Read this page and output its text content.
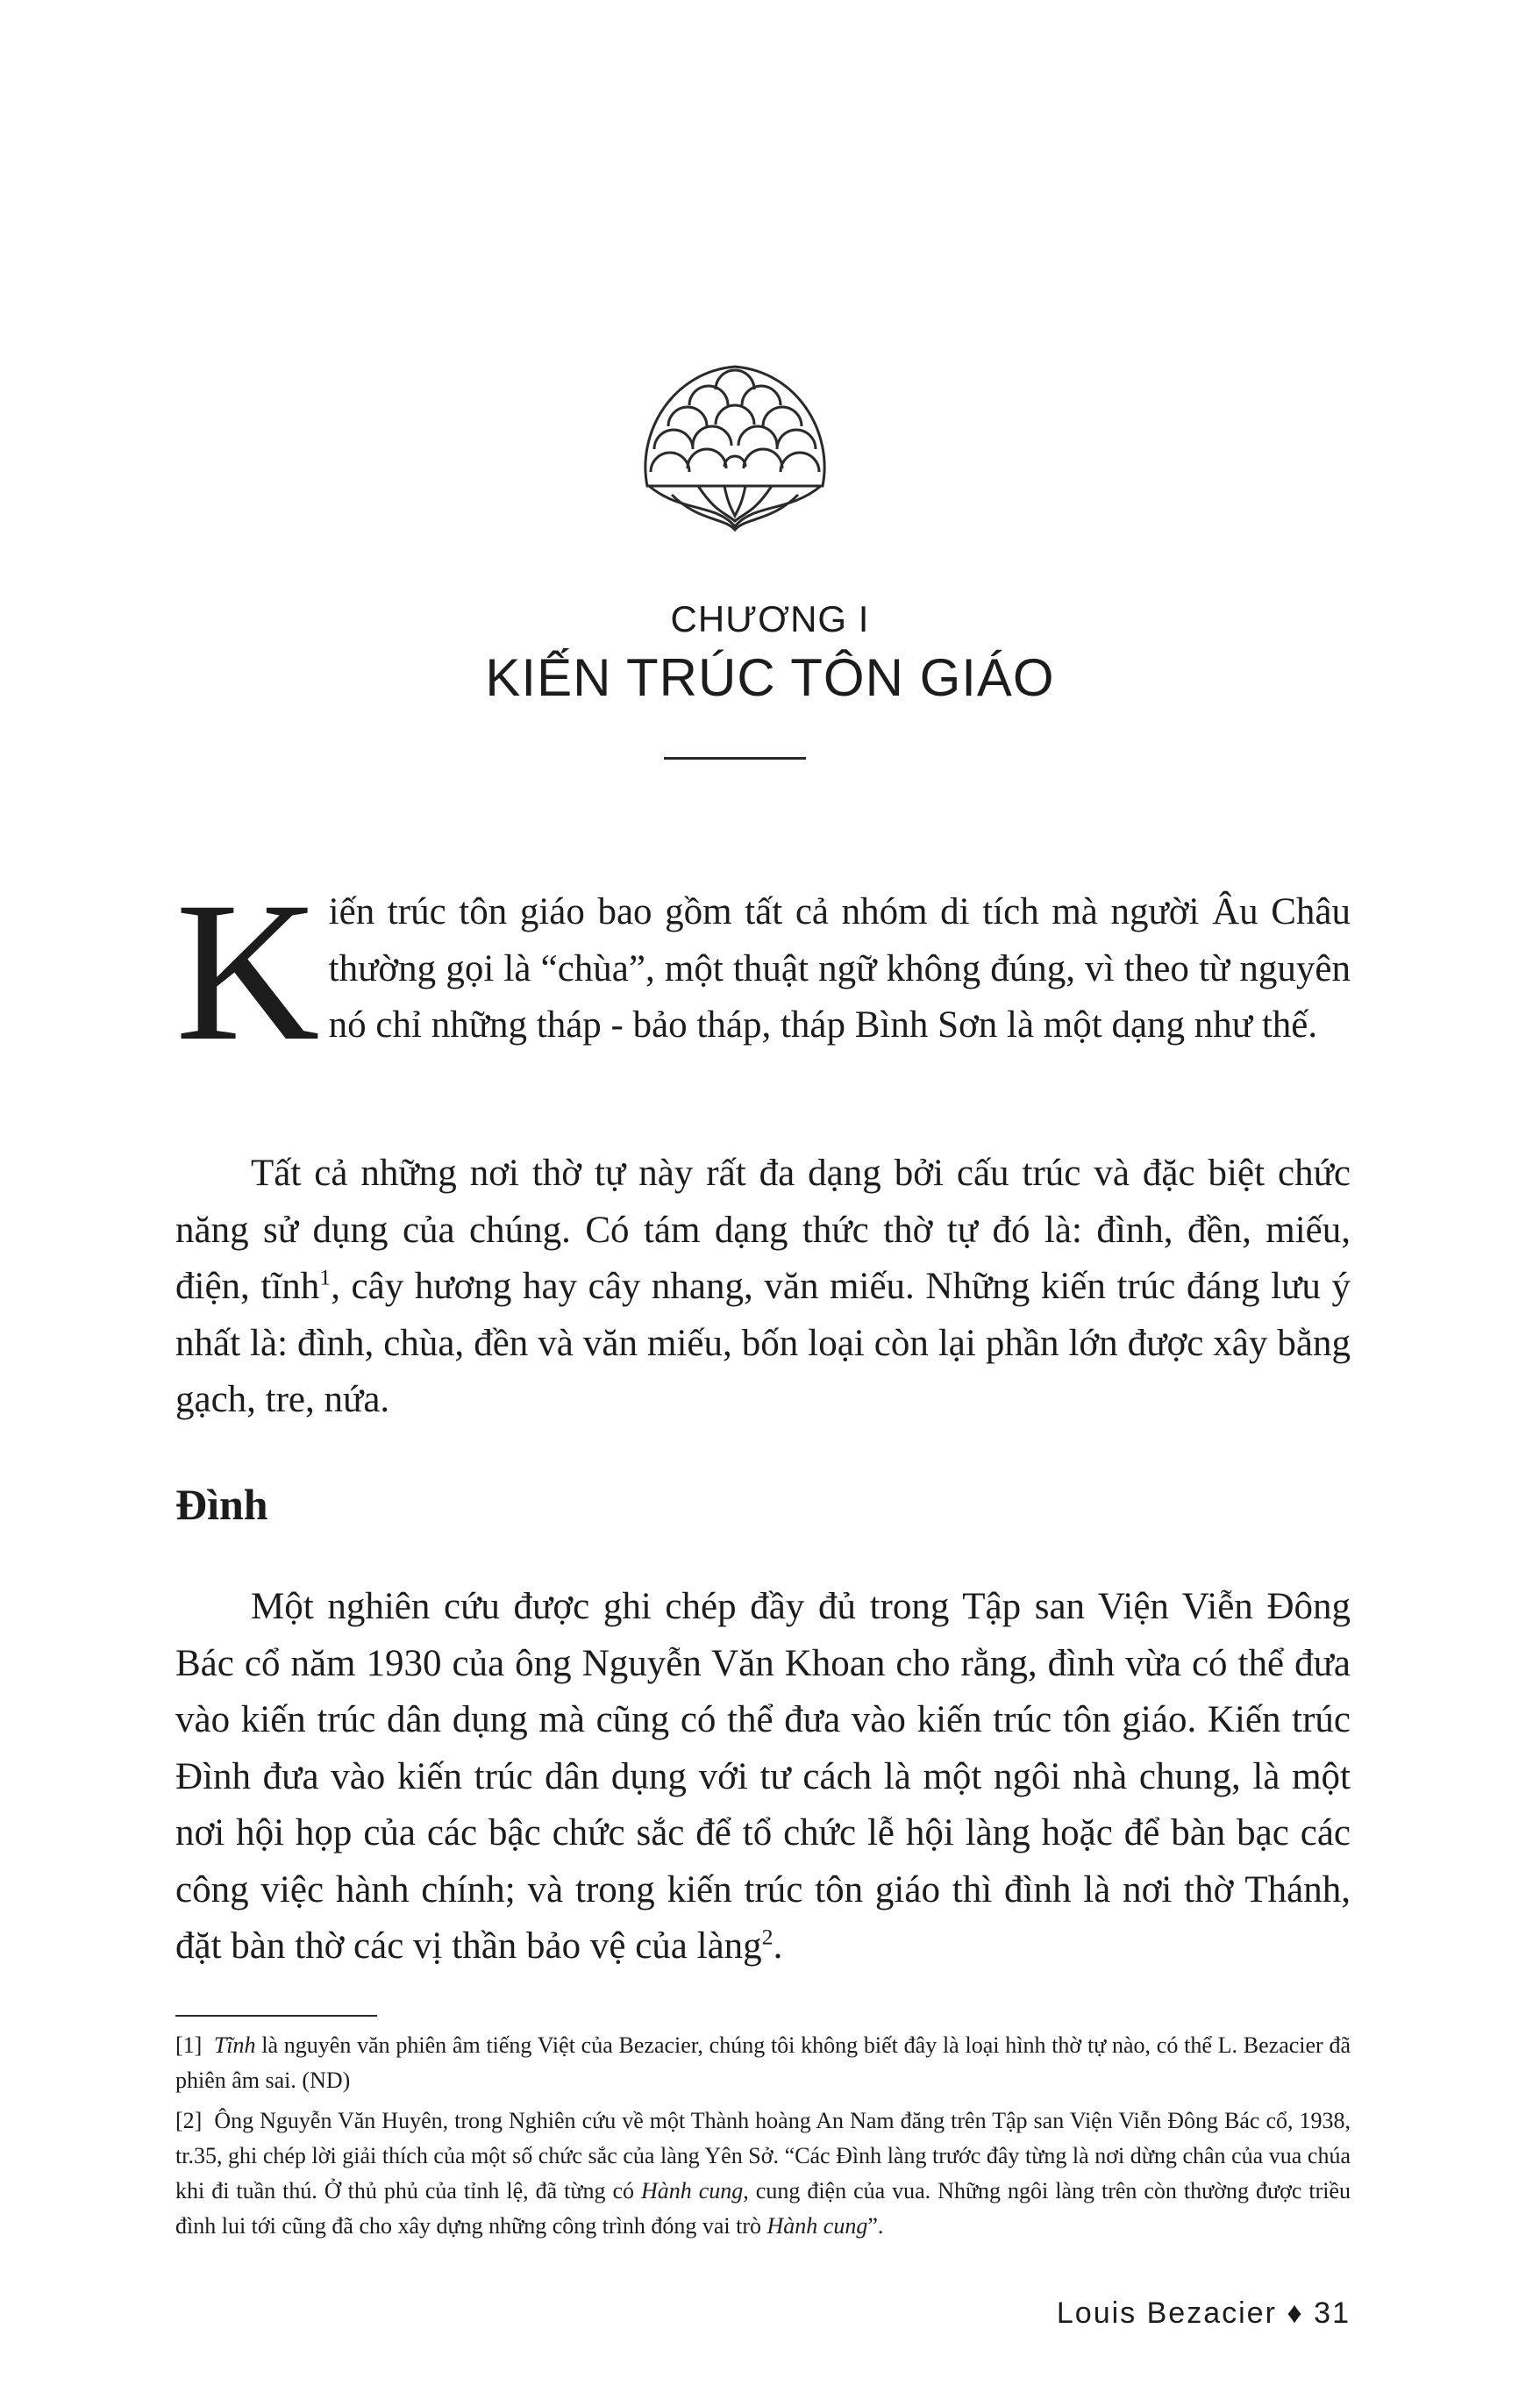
CHƯƠNG I
KIẾN TRÚC TÔN GIÁO
Kiến trúc tôn giáo bao gồm tất cả nhóm di tích mà người Âu Châu thường gọi là “chùa”, một thuật ngữ không đúng, vì theo từ nguyên nó chỉ những tháp - bảo tháp, tháp Bình Sơn là một dạng như thế.
  Tất cả những nơi thờ tự này rất đa dạng bởi cấu trúc và đặc biệt chức năng sử dụng của chúng. Có tám dạng thức thờ tự đó là: đình, đền, miếu, điện, tĩnh$^1$, cây hương hay cây nhang, văn miếu. Những kiến trúc đáng lưu ý nhất là: đình, chùa, đền và văn miếu, bốn loại còn lại phần lớn được xây bằng gạch, tre, nứa.
Đình
  Một nghiên cứu được ghi chép đầy đủ trong Tập san Viện Viễn Đông Bác cổ năm 1930 của ông Nguyễn Văn Khoan cho rằng, đình vừa có thể đưa vào kiến trúc dân dụng mà cũng có thể đưa vào kiến trúc tôn giáo. Kiến trúc Đình đưa vào kiến trúc dân dụng với tư cách là một ngôi nhà chung, là một nơi hội họp của các bậc chức sắc để tổ chức lễ hội làng hoặc để bàn bạc các công việc hành chính; và trong kiến trúc tôn giáo thì đình là nơi thờ Thánh, đặt bàn thờ các vị thần bảo vệ của làng$^2$.

[1] Tĩnh là nguyên văn phiên âm tiếng Việt của Bezacier, chúng tôi không biết đây là loại hình thờ tự nào, có thể L. Bezacier đã phiên âm sai. (ND)

[2] Ông Nguyễn Văn Huyên, trong Nghiên cứu về một Thành hoàng An Nam đăng trên Tập san Viện Viễn Đông Bác cổ, 1938, tr.35, ghi chép lời giải thích của một số chức sắc của làng Yên Sở. “Các Đình làng trước đây từng là nơi dừng chân của vua chúa khi đi tuần thú. Ở thủ phủ của tỉnh lệ, đã từng có Hành cung, cung điện của vua. Những ngôi làng trên còn thường được triều đình lui tới cũng đã cho xây dựng những công trình đóng vai trò Hành cung”.

Louis Bezacier ♦ 31
